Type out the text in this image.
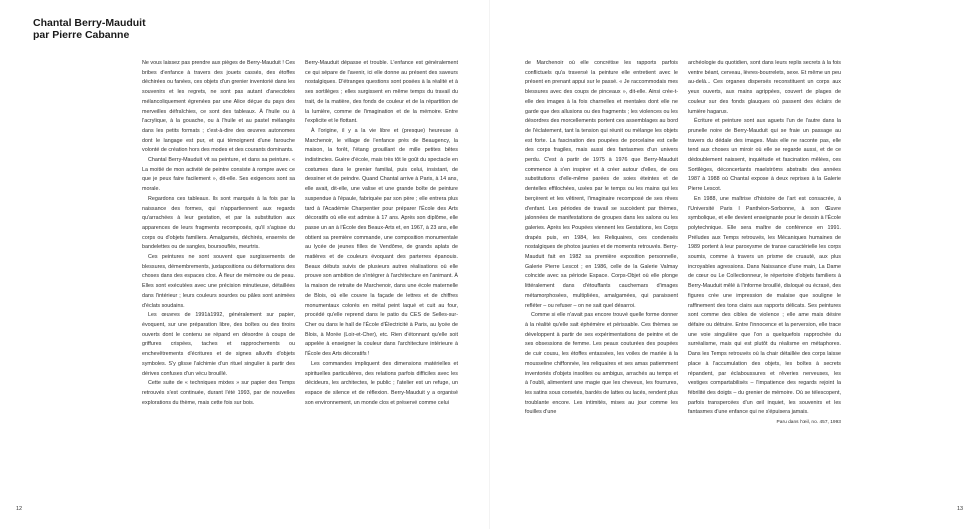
Chantal Berry-Mauduit
par Pierre Cabanne

Ne vous laissez pas prendre aux pièges de Berry-Mauduit ! Ces bribes d'enfance à travers des jouets cassés, des étoffes déchirées ou fanées, ces objets d'un grenier inventorié dans les souvenirs et les regrets, ne sont pas autant d'anecdotes mélancoliquement égrenées par une Alice déçue du pays des merveilles défraîchies, ce sont des tableaux. À l'huile ou à l'acrylique, à la gouache, ou à l'huile et au pastel mélangés dans les petits formats ; c'est-à-dire des œuvres autonomes dont le langage est pur, et qui témoignent d'une farouche volonté de création hors des modes et des courants dominants.

Chantal Berry-Mauduit vit sa peinture, et dans sa peinture. « La moitié de mon activité de peintre consiste à rompre avec ce que je peux faire facilement », dit-elle. Ses exigences sont sa morale.

Regardons ces tableaux. Ils sont marqués à la fois par la naissance des formes, qui n'appartiennent aux regards qu'arrachées à leur gestation, et par la substitution aux apparences de leurs fragments recomposés, qu'il s'agisse du corps ou d'objets familiers. Amalgamés, déchirés, enserrés de bandelettes ou de sangles, boursouflés, meurtris.

Ces peintures ne sont souvent que surgissements de blessures, démembrements, juxtapositions ou déformations des choses dans des espaces clos. À fleur de mémoire ou de peau. Elles sont exécutées avec une précision minutieuse, détaillées dans l'intérieur ; leurs couleurs sourdes ou pâles sont animées d'éclats soudains.

Les œuvres de 1991à1992, généralement sur papier, évoquent, sur une préparation libre, des boîtes ou des tiroirs ouverts dont le contenu se répand en désordre à coups de griffures crispées, taches et rapprochements ou enchevêtrements d'écritures et de signes alluvifs d'objets symboles. S'y glisse l'alchimie d'un rituel singulier à partir des dérives confuses d'un vécu brouillé.

Cette suite de « techniques mixtes » sur papier des Temps retrouvés s'est continuée, durant l'été 1993, par de nouvelles explorations du thème, mais cette fois sur bois.

Berry-Mauduit dépasse et trouble. L'enfance est généralement ce qui sépare de l'avenir, ici elle donne au présent des saveurs nostalgiques. D'étranges questions sont posées à la réalité et à ses sortilèges ; elles surgissent en même temps du travail du trait, de la matière, des fonds de couleur et de la répartition de la lumière, comme de l'imagination et de la mémoire. Entre l'explicite et le flottant.

À l'origine, il y a la vie libre et (presque) heureuse à Marchenoir, le village de l'enfance près de Beaugency, la maison, la forêt, l'étang grouillant de mille petites bêtes indistinctes. Guère d'école, mais très tôt le goût du spectacle en costumes dans le grenier familial, puis celui, insistant, de dessiner et de peindre. Quand Chantal arrive à Paris, à 14 ans, elle avait, dit-elle, une valise et une grande boîte de peinture suspendue à l'épaule, fabriquée par son père ; elle entrera plus tard à l'Académie Charpentier pour préparer l'École des Arts décoratifs où elle est admise à 17 ans. Après son diplôme, elle passe un an à l'École des Beaux-Arts et, en 1967, à 23 ans, elle obtient sa première commande, une composition monumentale au lycée de jeunes filles de Vendôme, de grands aplats de matières et de couleurs évoquant des parterres épanouis. Beaux débuts suivis de plusieurs autres réalisations où elle prouve son ambition de s'intégrer à l'architecture en l'animant. À la maison de retraite de Marchenoir, dans une école maternelle de Blois, où elle couvre la façade de lettres et de chiffres monumentaux colorés en métal peint laqué et cuit au four, procédé qu'elle reprend dans le patio du CES de Selles-sur-Cher ou dans le hall de l'École d'Électricité à Paris, au lycée de Blois, à Morée (Loir-et-Cher), etc. Rien d'étonnant qu'elle soit appelée à enseigner la couleur dans l'architecture intérieure à l'École des Arts décoratifs !

Les commandes impliquent des dimensions matérielles et spirituelles particulières, des relations parfois difficiles avec les décideurs, les architectes, le public ; l'atelier est un refuge, un espace de silence et de réflexion. Berry-Mauduit y a organisé son environnement, un monde clos et préservé comme celui

de Marchenoir où elle concrétise les rapports parfois conflictuels qu'a traversé la peinture elle entretient avec le présent en prenant appui sur le passé. « Je raccommodais mes blessures avec des coups de pinceaux », dit-elle. Ainsi crée-t-elle des images à la fois charnelles et mentales dont elle ne garde que des allusions ou des fragments ; les violences ou les désordres des morcellements portent ces assemblages au bord de l'éclatement, tant la tension qui réunit ou mélange les objets est forte. La fascination des poupées de porcelaine est celle des corps fragiles, mais aussi des fantasmes d'un univers perdu. C'est à partir de 1975 à 1976 que Berry-Mauduit commence à s'en inspirer et à créer autour d'elles, de ces substitutions d'elle-même parées de soies éteintes et de dentelles effilochées, usées par le temps ou les mains qui les berçèrent et les vêtirent, l'imaginaire recomposé de ses rêves d'enfant. Les périodes de travail se succèdent par thèmes, jalonnées de manifestations de groupes dans les salons ou les galeries. Après les Poupées viennent les Gestations, les Corps drapés puis, en 1984, les Reliquaires, ces condensés nostalgiques de photos jaunies et de moments retrouvés. Berry-Mauduit fait en 1982 sa première exposition personnelle, Galerie Pierre Lescot ; en 1986, celle de la Galerie Valmay colncide avec sa période Espace. Corps-Objet où elle plonge littéralement dans d'étouffants cauchemars d'images métamorphosées, multipliées, amalgamées, qui paraissent refléter – ou refuser – on ne sait quel désarroi.

Comme si elle n'avait pas encore trouvé quelle forme donner à la réalité qu'elle sait éphémère et périssable. Ces thèmes se développent à partir de ses expérimentations de peintre et de ses obsessions de femme. Les peaux couturées des poupées de cuir cousu, les étoffes entassées, les voiles de mariée à la mousseline chiffonnée, les reliquaires et ses amas patiemment inventoriés d'objets insolites ou ambigus, arrachés au temps et à l'oubli, alimentent une magie que les cheveux, les fourrures, les satins sous corsetés, bardés de lattes ou lacés, rendent plus troublante encore. Les intimités, mises au jour comme les fouilles d'une

archéologie du quotidien, sont dans leurs replis secrets à la fois ventre béant, cerveau, lèvres-bourrelets, sexe. Et même un peu au-delà... Ces organes dispersés reconstituent un corps aux yeux ouverts, aux mains agrippées, couvert de plages de couleur sur des fonds glauques où passent des éclairs de lumière hagarus.

Écriture et peinture sont aux aguets l'un de l'autre dans la prunelle noire de Berry-Mauduit qui se fraie un passage au travers du dédale des images. Mais elle ne raconte pas, elle tend aux choses un miroir où elle se regarde aussi, et de ce dédoublement naissent, inquiétude et fascination mêlées, ces Sortilèges, déconcertants maelströms abstraits des années 1987 à 1988 où Chantal expose à deux reprises à la Galerie Pierre Lescot.

En 1988, une maîtrise d'histoire de l'art est consacrée, à l'Université Paris I Panthéon-Sorbonne, à son Œuvre symbolique, et elle devient enseignante pour le dessin à l'École polytechnique. Elle sera maître de conférence en 1991. Préludes aux Temps retrouvés, les Mécaniques humaines de 1989 portent à leur paroxysme de transe caractérielle les corps soumis, comme à travers un prisme de cruauté, aux plus incroyables agressions. Dans Naissance d'une main, La Dame de cœur ou Le Collectionneur, le répertoire d'objets familiers à Berry-Mauduit mêlé à l'informe brouillé, disloqué ou écrasé, des figures crée une impression de malaise que souligne le raffinement des tons clairs aux rapports délicats. Ses peintures sont comme des cibles de violence ; elle ame mais désire défaire ou détruire. Entre l'innocence et la perversion, elle trace une voie singulière que l'on a quelquefois rapprochée du surréalisme, mais qui est plutôt du réalisme en métaphores. Dans les Temps retrouvés où la chair détaillée des corps laisse place à l'accumulation des objets, les boîtes à secrets répandent, par éclaboussures et rêveries nerveuses, les vestiges compartabilisés – l'impatience des regards rejoint la fébrilité des doigts – du grenier de mémoire. Où se télescopent, parfois transpercées d'un œil inquiet, les souvenirs et les fantasmes d'une enfance qui ne s'épuisera jamais.

Paru dans l'œil, no. 457, 1993
12	13
